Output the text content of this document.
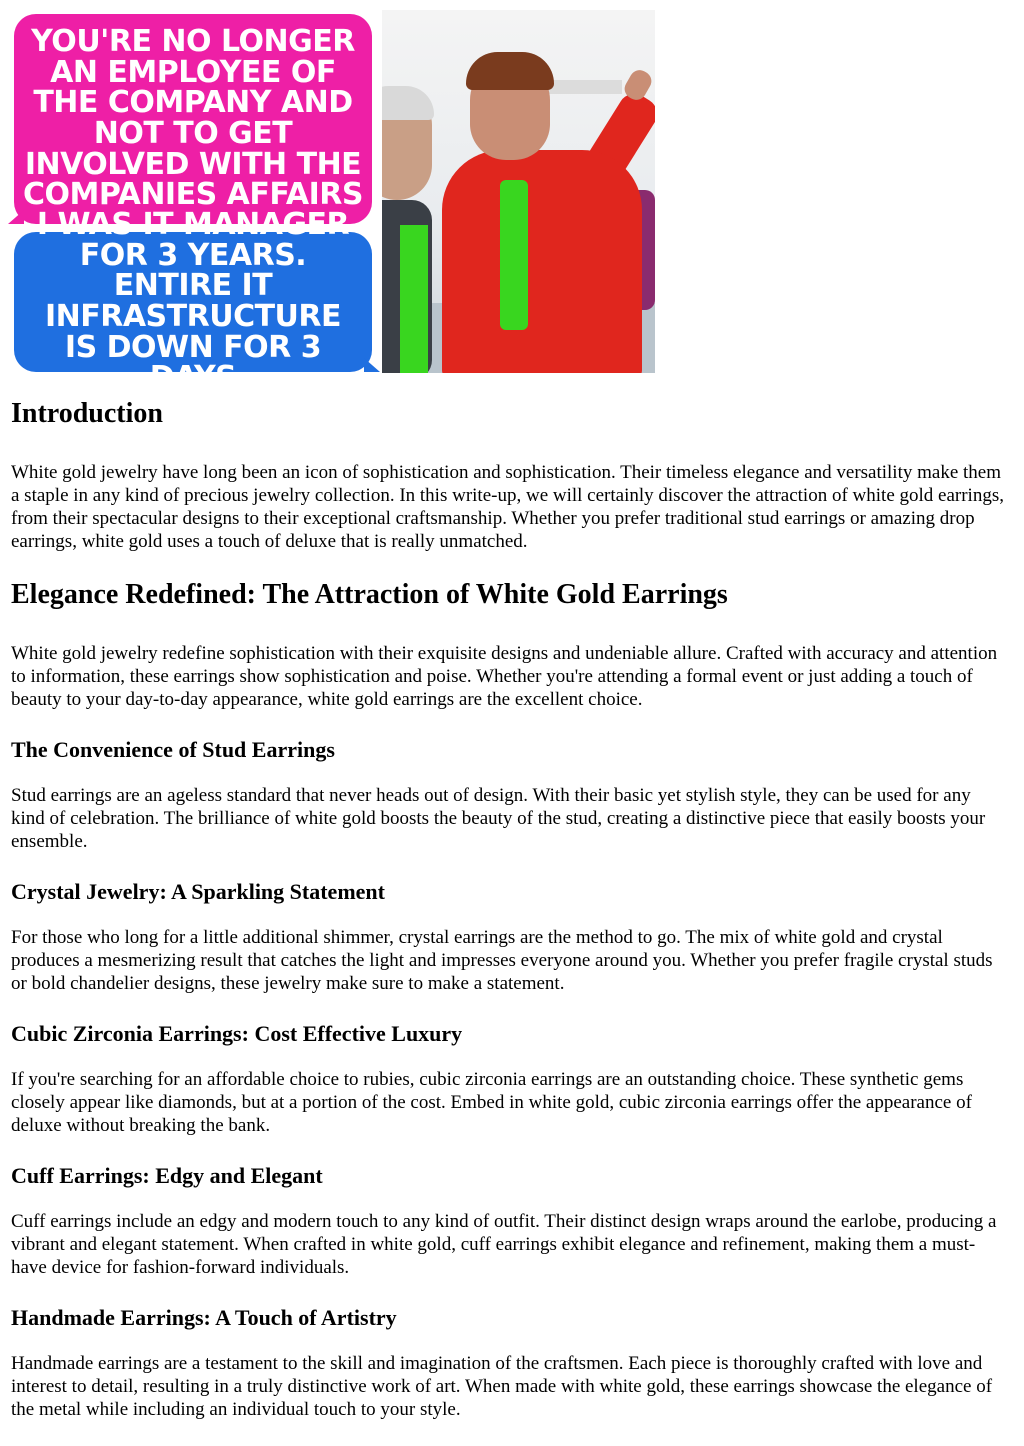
YOU'RE NO LONGER AN EMPLOYEE OF THE COMPANY AND NOT TO GET INVOLVED WITH THE COMPANIES AFFAIRS
I WAS IT MANAGER FOR 3 YEARS. ENTIRE IT INFRASTRUCTURE IS DOWN FOR 3 DAYS
Introduction

White gold jewelry have long been an icon of sophistication and sophistication. Their timeless elegance and versatility make them a staple in any kind of precious jewelry collection. In this write-up, we will certainly discover the attraction of white gold earrings, from their spectacular designs to their exceptional craftsmanship. Whether you prefer traditional stud earrings or amazing drop earrings, white gold uses a touch of deluxe that is really unmatched.

Elegance Redefined: The Attraction of White Gold Earrings

White gold jewelry redefine sophistication with their exquisite designs and undeniable allure. Crafted with accuracy and attention to information, these earrings show sophistication and poise. Whether you're attending a formal event or just adding a touch of beauty to your day-to-day appearance, white gold earrings are the excellent choice.

The Convenience of Stud Earrings

Stud earrings are an ageless standard that never heads out of design. With their basic yet stylish style, they can be used for any kind of celebration. The brilliance of white gold boosts the beauty of the stud, creating a distinctive piece that easily boosts your ensemble.

Crystal Jewelry: A Sparkling Statement

For those who long for a little additional shimmer, crystal earrings are the method to go. The mix of white gold and crystal produces a mesmerizing result that catches the light and impresses everyone around you. Whether you prefer fragile crystal studs or bold chandelier designs, these jewelry make sure to make a statement.

Cubic Zirconia Earrings: Cost Effective Luxury

If you're searching for an affordable choice to rubies, cubic zirconia earrings are an outstanding choice. These synthetic gems closely appear like diamonds, but at a portion of the cost. Embed in white gold, cubic zirconia earrings offer the appearance of deluxe without breaking the bank.

Cuff Earrings: Edgy and Elegant

Cuff earrings include an edgy and modern touch to any kind of outfit. Their distinct design wraps around the earlobe, producing a vibrant and elegant statement. When crafted in white gold, cuff earrings exhibit elegance and refinement, making them a must-have device for fashion-forward individuals.

Handmade Earrings: A Touch of Artistry

Handmade earrings are a testament to the skill and imagination of the craftsmen. Each piece is thoroughly crafted with love and interest to detail, resulting in a truly distinctive work of art. When made with white gold, these earrings showcase the elegance of the metal while including an individual touch to your style.
